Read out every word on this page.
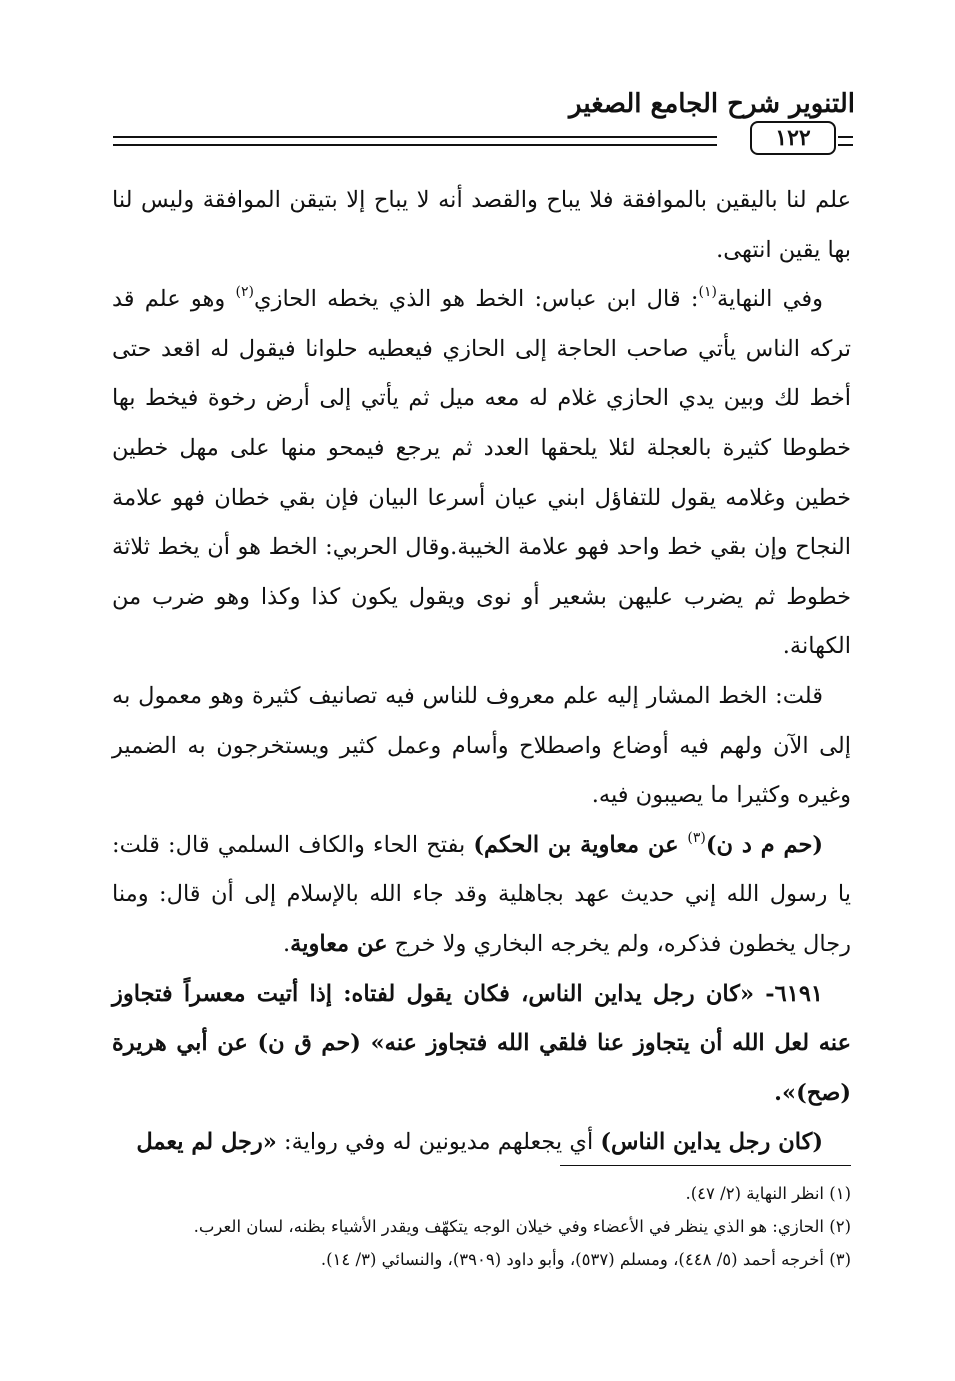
التنوير شرح الجامع الصغير
١٢٢

علم لنا باليقين بالموافقة فلا يباح والقصد أنه لا يباح إلا بتيقن الموافقة وليس لنا بها يقين انتهى.

وفي النهاية$^{(١)}$: قال ابن عباس: الخط هو الذي يخطه الحازي$^{(٢)}$ وهو علم قد تركه الناس يأتي صاحب الحاجة إلى الحازي فيعطيه حلوانا فيقول له اقعد حتى أخط لك وبين يدي الحازي غلام له معه ميل ثم يأتي إلى أرض رخوة فيخط بها خطوطا كثيرة بالعجلة لئلا يلحقها العدد ثم يرجع فيمحو منها على مهل خطين خطين وغلامه يقول للتفاؤل ابني عيان أسرعا البيان فإن بقي خطان فهو علامة النجاح وإن بقي خط واحد فهو علامة الخيبة.وقال الحربي: الخط هو أن يخط ثلاثة خطوط ثم يضرب عليهن بشعير أو نوى ويقول يكون كذا وكذا وهو ضرب من الكهانة.

قلت: الخط المشار إليه علم معروف للناس فيه تصانيف كثيرة وهو معمول به إلى الآن ولهم فيه أوضاع واصطلاح وأسام وعمل كثير ويستخرجون به الضمير وغيره وكثيرا ما يصيبون فيه.

(حم م د ن)$^{(٣)}$ عن معاوية بن الحكم) بفتح الحاء والكاف السلمي قال: قلت: يا رسول الله إني حديث عهد بجاهلية وقد جاء الله بالإسلام إلى أن قال: ومنا رجال يخطون فذكره، ولم يخرجه البخاري ولا خرج عن معاوية.

٦١٩١- «كان رجل يداين الناس، فكان يقول لفتاه: إذا أتيت معسراً فتجاوز عنه لعل الله أن يتجاوز عنا فلقي الله فتجاوز عنه» (حم ق ن) عن أبي هريرة (صح)».

(كان رجل يداين الناس) أي يجعلهم مديونين له وفي رواية: «رجل لم يعمل

(١) انظر النهاية (٢/ ٤٧).
(٢) الحازي: هو الذي ينظر في الأعضاء وفي خيلان الوجه يتكهّف ويقدر الأشياء بظنه، لسان العرب.
(٣) أخرجه أحمد (٥/ ٤٤٨)، ومسلم (٥٣٧)، وأبو داود (٣٩٠٩)، والنسائي (٣/ ١٤).
